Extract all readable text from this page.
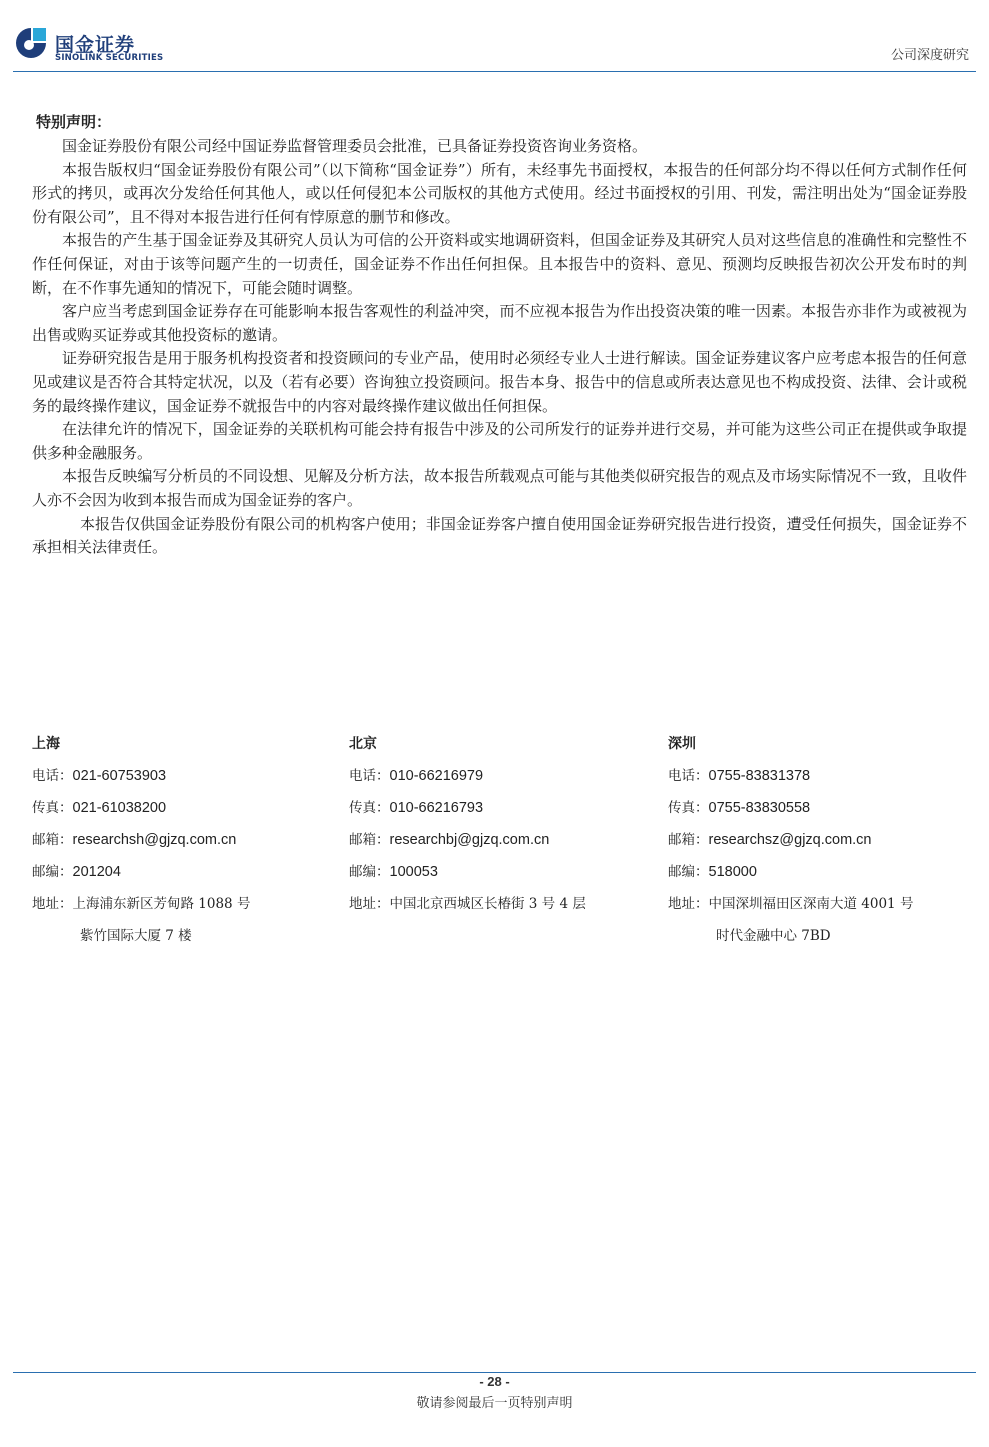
国金证券
SINOLINK SECURITIES	公司深度研究
特别声明：

国金证券股份有限公司经中国证券监督管理委员会批准，已具备证券投资咨询业务资格。

本报告版权归“国金证券股份有限公司”（以下简称“国金证券”）所有，未经事先书面授权，本报告的任何部分均不得以任何方式制作任何形式的拷贝，或再次分发给任何其他人，或以任何侵犯本公司版权的其他方式使用。经过书面授权的引用、刊发，需注明出处为“国金证券股份有限公司”，且不得对本报告进行任何有悖原意的删节和修改。

本报告的产生基于国金证券及其研究人员认为可信的公开资料或实地调研资料，但国金证券及其研究人员对这些信息的准确性和完整性不作任何保证，对由于该等问题产生的一切责任，国金证券不作出任何担保。且本报告中的资料、意见、预测均反映报告初次公开发布时的判断，在不作事先通知的情况下，可能会随时调整。

客户应当考虑到国金证券存在可能影响本报告客观性的利益冲突，而不应视本报告为作出投资决策的唯一因素。本报告亦非作为或被视为出售或购买证券或其他投资标的邀请。

证券研究报告是用于服务机构投资者和投资顾问的专业产品，使用时必须经专业人士进行解读。国金证券建议客户应考虑本报告的任何意见或建议是否符合其特定状况，以及（若有必要）咨询独立投资顾问。报告本身、报告中的信息或所表达意见也不构成投资、法律、会计或税务的最终操作建议，国金证券不就报告中的内容对最终操作建议做出任何担保。

在法律允许的情况下，国金证券的关联机构可能会持有报告中涉及的公司所发行的证券并进行交易，并可能为这些公司正在提供或争取提供多种金融服务。

本报告反映编写分析员的不同设想、见解及分析方法，故本报告所载观点可能与其他类似研究报告的观点及市场实际情况不一致，且收件人亦不会因为收到本报告而成为国金证券的客户。

本报告仅供国金证券股份有限公司的机构客户使用；非国金证券客户擅自使用国金证券研究报告进行投资，遭受任何损失，国金证券不承担相关法律责任。

上海
电话：021-60753903
传真：021-61038200
邮箱：researchsh@gjzq.com.cn
邮编：201204
地址：上海浦东新区芳甸路 1088 号
紫竹国际大厦 7 楼
北京
电话：010-66216979
传真：010-66216793
邮箱：researchbj@gjzq.com.cn
邮编：100053
地址：中国北京西城区长椿街 3 号 4 层
深圳
电话：0755-83831378
传真：0755-83830558
邮箱：researchsz@gjzq.com.cn
邮编：518000
地址：中国深圳福田区深南大道 4001 号
时代金融中心 7BD
- 28 -
敬请参阅最后一页特别声明
